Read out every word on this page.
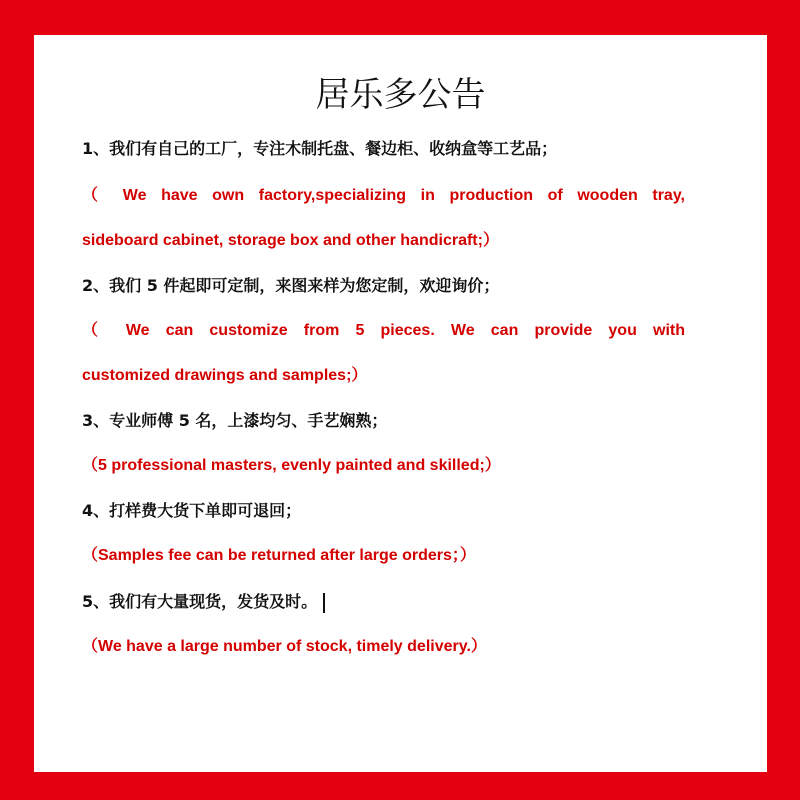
居乐多公告
1、我们有自己的工厂，专注木制托盘、餐边柜、收纳盒等工艺品；
（ We have own factory,specializing in production of wooden tray,
sideboard cabinet, storage box and other handicraft;）
2、我们 5 件起即可定制，来图来样为您定制，欢迎询价；
（ We can customize from 5 pieces. We can provide you with
customized drawings and samples;）
3、专业师傅 5 名，上漆均匀、手艺娴熟；
（5 professional masters, evenly painted and skilled;）
4、打样费大货下单即可退回；
（Samples fee can be returned after large orders；）
5、我们有大量现货，发货及时。
（We have a large number of stock, timely delivery.）
